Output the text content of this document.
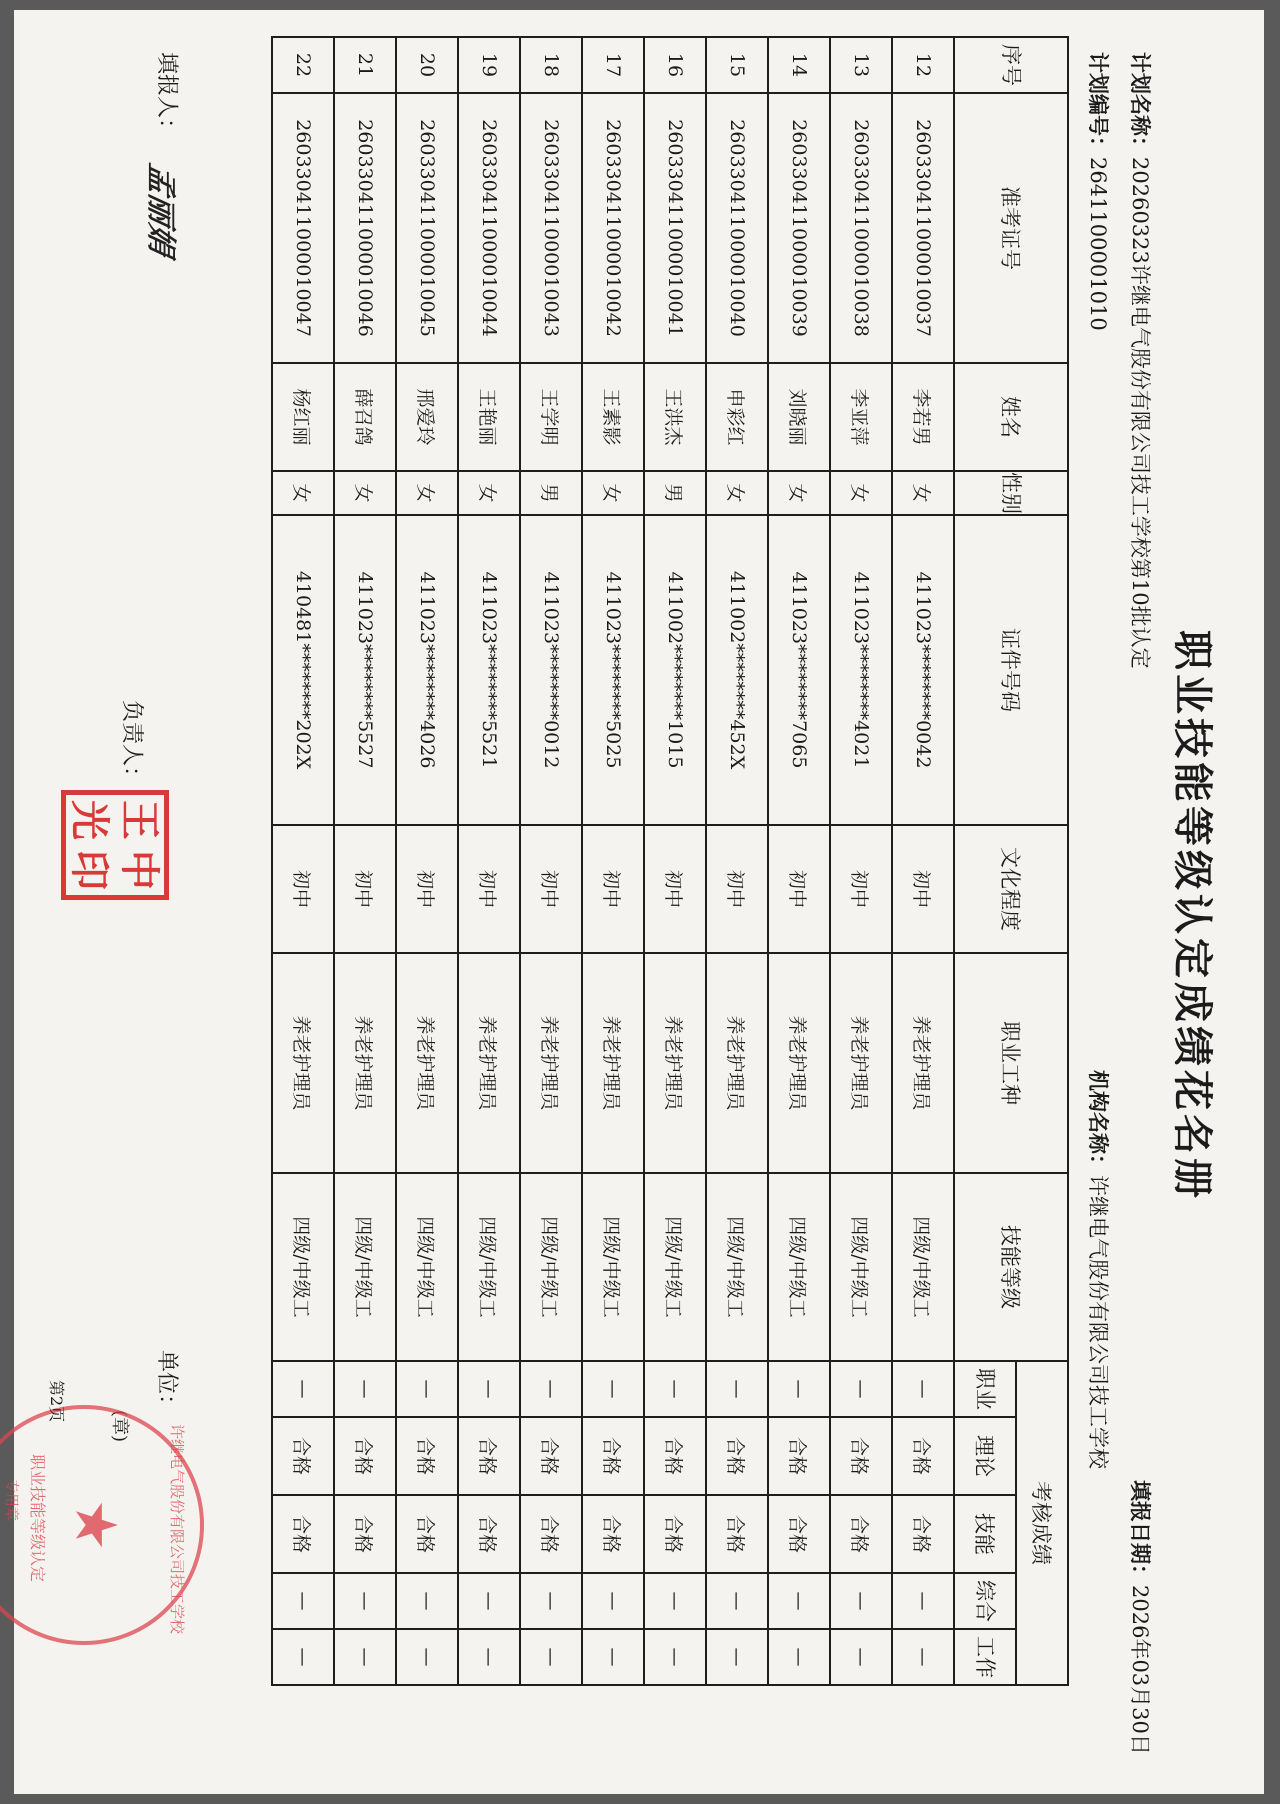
职业技能等级认定成绩花名册
计划名称：20260323许继电气股份有限公司技工学校第10批认定
计划编号：2641100001010
填报日期：2026年03月30日
机构名称：许继电气股份有限公司技工学校
序号	准考证号	姓名	性别	证件号码	文化程度	职业工种	技能等级	考核成绩				
								职业	理论	技能	综合	工作
12	260330411000010037	李若男	女	411023********0042	初中	养老护理员	四级/中级工	—	合格	合格	—	—
13	260330411000010038	李亚萍	女	411023********4021	初中	养老护理员	四级/中级工	—	合格	合格	—	—
14	260330411000010039	刘晓丽	女	411023********7065	初中	养老护理员	四级/中级工	—	合格	合格	—	—
15	260330411000010040	申彩红	女	411002********452X	初中	养老护理员	四级/中级工	—	合格	合格	—	—
16	260330411000010041	王洪杰	男	411002********1015	初中	养老护理员	四级/中级工	—	合格	合格	—	—
17	260330411000010042	王素影	女	411023********5025	初中	养老护理员	四级/中级工	—	合格	合格	—	—
18	260330411000010043	王学明	男	411023********0012	初中	养老护理员	四级/中级工	—	合格	合格	—	—
19	260330411000010044	王艳丽	女	411023********5521	初中	养老护理员	四级/中级工	—	合格	合格	—	—
20	260330411000010045	邢爱玲	女	411023********4026	初中	养老护理员	四级/中级工	—	合格	合格	—	—
21	260330411000010046	薛召鸽	女	411023********5527	初中	养老护理员	四级/中级工	—	合格	合格	—	—
22	260330411000010047	杨红丽	女	410481********202X	初中	养老护理员	四级/中级工	—	合格	合格	—	—
填报人：
孟丽娟
负责人：
王
中
光
印
单位：
(章)	许继电气股份有限公司技工学校
★
职业技能等级认定
专用章
第2页
